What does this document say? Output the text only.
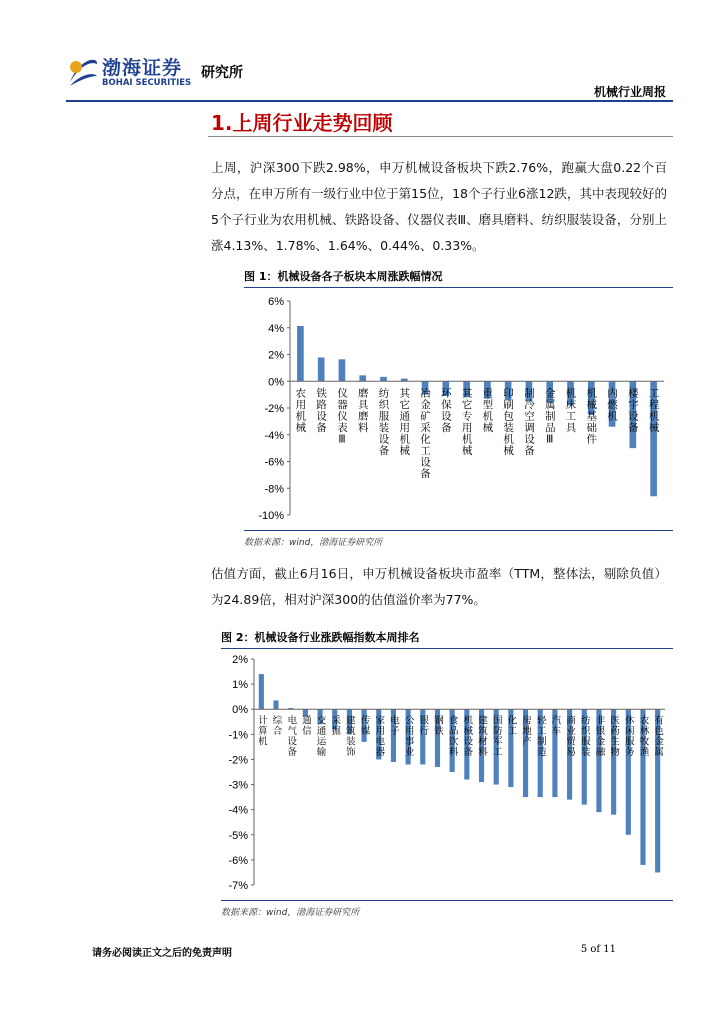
渤海证券
BOHAI SECURITIES
研究所
机械行业周报
1.上周行业走势回顾

上周，沪深300下跌2.98%，申万机械设备板块下跌2.76%，跑赢大盘0.22个百分点，在申万所有一级行业中位于第15位，18个子行业6涨12跌，其中表现较好的5个子行业为农用机械、铁路设备、仪器仪表Ⅲ、磨具磨料、纺织服装设备，分别上涨4.13%、1.78%、1.64%、0.44%、0.33%。

图 1：机械设备各子板块本周涨跌幅情况
6%
4%
2%
0%
-2%
-4%
-6%
-8%
-10%
农用机械 铁路设备 仪器仪表Ⅲ 磨具磨料 纺织服装设备 其它通用机械 冶金矿采化工设备 环保设备 其它专用机械 重型机械 印刷包装机械 制冷空调设备 金属制品Ⅲ 机床工具 机械基础件 内燃机 楼宇设备 工程机械
数据来源：wind，渤海证券研究所

估值方面，截止6月16日，申万机械设备板块市盈率（TTM，整体法，剔除负值）为24.89倍，相对沪深300的估值溢价率为77%。

图 2：机械设备行业涨跌幅指数本周排名
2%
1%
0%
-1%
-2%
-3%
-4%
-5%
-6%
-7%
计算机 综合 电气设备 通信 交通运输 采掘 建筑装饰 传媒 家用电器 电子 公用事业 银行 钢铁 食品饮料 机械设备 建筑材料 国防军工 化工 房地产 轻工制造 汽车 商业贸易 纺织服装 非银金融 医药生物 休闲服务 农林牧渔 有色金属
数据来源：wind，渤海证券研究所
请务必阅读正文之后的免责声明	5 of 11
